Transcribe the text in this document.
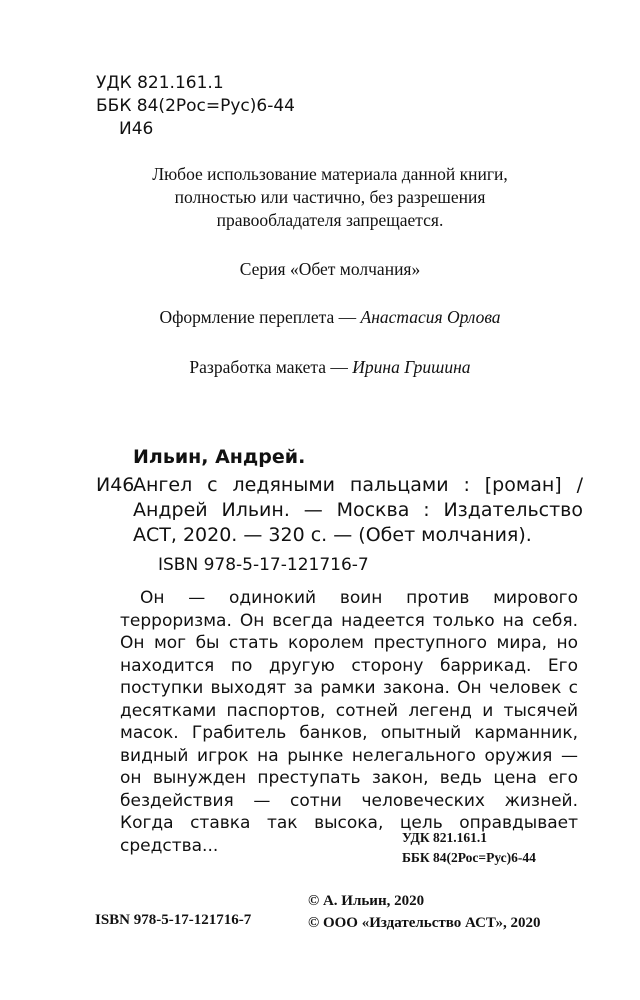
УДК 821.161.1
ББК 84(2Рос=Рус)6-44
И46
Любое использование материала данной книги,
полностью или частично, без разрешения
правообладателя запрещается.
Серия «Обет молчания»
Оформление переплета — Анастасия Орлова
Разработка макета — Ирина Гришина
Ильин, Андрей.
И46
Ангел с ледяными пальцами : [роман] / Андрей Ильин. — Москва : Издательство АСТ, 2020. — 320 с. — (Обет молчания).
ISBN 978-5-17-121716-7
Он — одинокий воин против мирового терроризма. Он всегда надеется только на себя. Он мог бы стать королем преступного мира, но находится по другую сторону баррикад. Его поступки выходят за рамки закона. Он человек с десятками паспортов, сотней легенд и тысячей масок. Грабитель банков, опытный карманник, видный игрок на рынке нелегального оружия — он вынужден преступать закон, ведь цена его бездействия — сотни человеческих жизней. Когда ставка так высока, цель оправдывает средства...	УДК 821.161.1
ББК 84(2Рос=Рус)6-44
ISBN 978-5-17-121716-7
© А. Ильин, 2020
© ООО «Издательство АСТ», 2020
